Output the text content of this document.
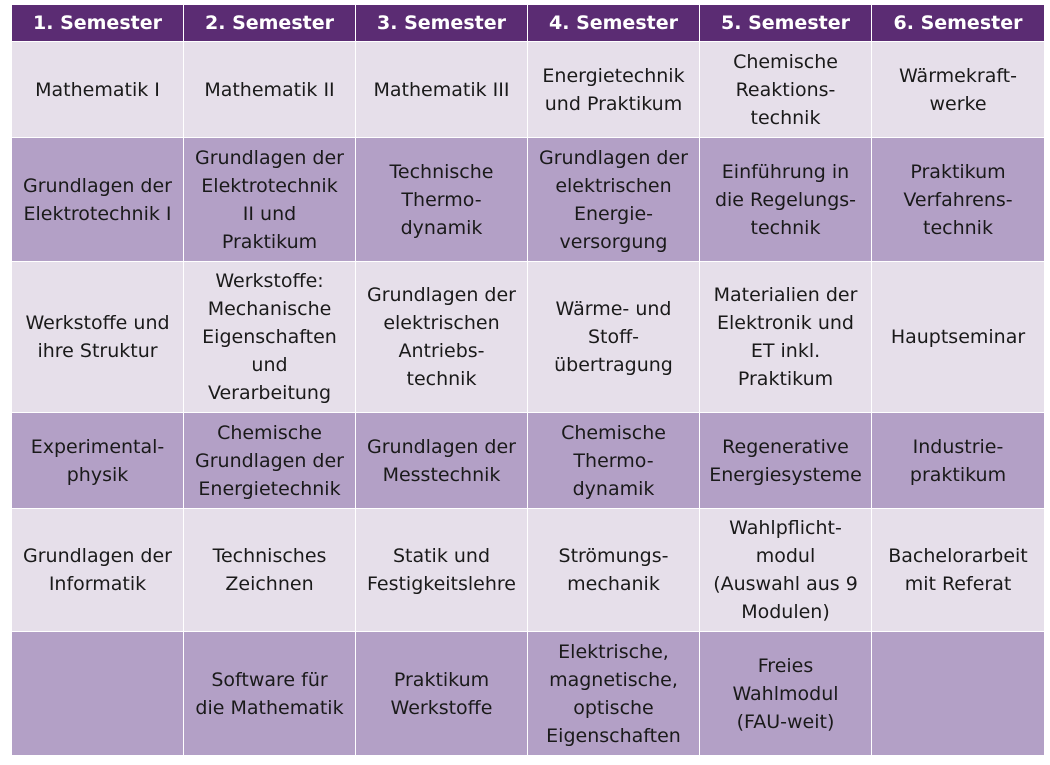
1. Semester	2. Semester	3. Semester	4. Semester	5. Semester	6. Semester

Mathematik I	Mathematik II	Mathematik III	Energietechnik
und Praktikum	Chemische
Reaktions-
technik	Wärmekraft-
werke

Grundlagen der
Elektrotechnik I	Grundlagen der
Elektrotechnik
II und
Praktikum	Technische
Thermo-
dynamik	Grundlagen der
elektrischen
Energie-
versorgung	Einführung in
die Regelungs-
technik	Praktikum
Verfahrens-
technik

Werkstoffe und
ihre Struktur	Werkstoffe:
Mechanische
Eigenschaften
und
Verarbeitung	Grundlagen der
elektrischen
Antriebs-
technik	Wärme- und
Stoff-
übertragung	Materialien der
Elektronik und
ET inkl.
Praktikum	Hauptseminar

Experimental-
physik	Chemische
Grundlagen der
Energietechnik	Grundlagen der
Messtechnik	Chemische
Thermo-
dynamik	Regenerative
Energiesysteme	Industrie-
praktikum

Grundlagen der
Informatik	Technisches
Zeichnen	Statik und
Festigkeitslehre	Strömungs-
mechanik	Wahlpflicht-
modul
(Auswahl aus 9
Modulen)	Bachelorarbeit
mit Referat

	Software für
die Mathematik	Praktikum
Werkstoffe	Elektrische,
magnetische,
optische
Eigenschaften	Freies
Wahlmodul
(FAU-weit)	
